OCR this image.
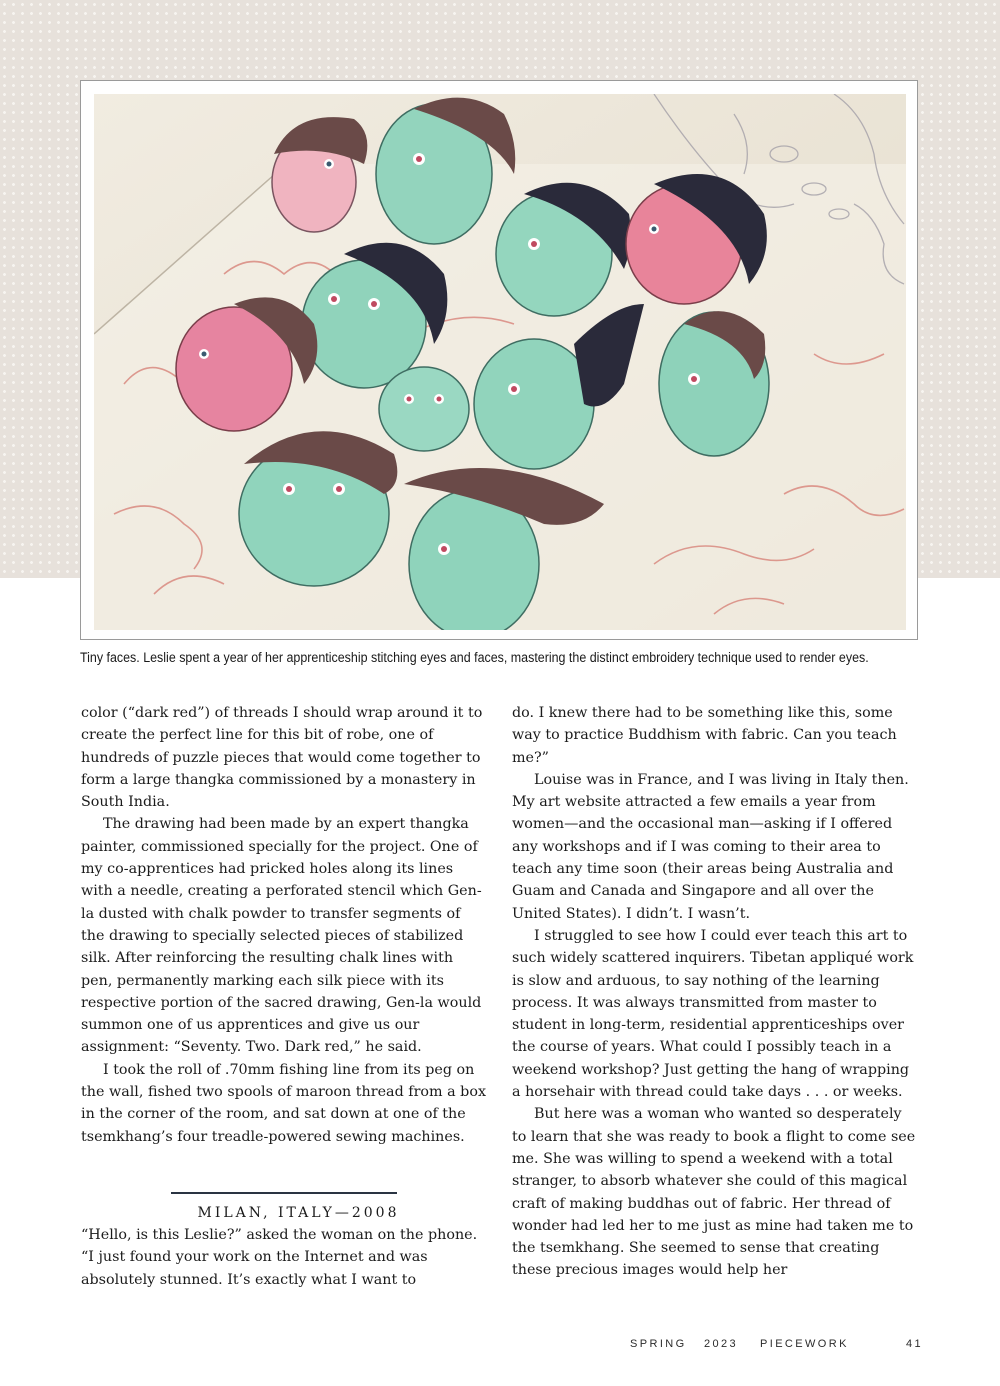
Tiny faces. Leslie spent a year of her apprenticeship stitching eyes and faces, mastering the distinct embroidery technique used to render eyes.

color (“dark red”) of threads I should wrap around it to create the perfect line for this bit of robe, one of hundreds of puzzle pieces that would come together to form a large thangka commissioned by a monastery in South India.

The drawing had been made by an expert thangka painter, commissioned specially for the project. One of my co-apprentices had pricked holes along its lines with a needle, creating a perforated stencil which Gen-la dusted with chalk powder to transfer segments of the drawing to specially selected pieces of stabilized silk. After reinforcing the resulting chalk lines with pen, permanently marking each silk piece with its respective portion of the sacred drawing, Gen-la would summon one of us apprentices and give us our assignment: “Seventy. Two. Dark red,” he said.

I took the roll of .70mm fishing line from its peg on the wall, fished two spools of maroon thread from a box in the corner of the room, and sat down at one of the tsemkhang’s four treadle-powered sewing machines.

MILAN, ITALY—2008

“Hello, is this Leslie?” asked the woman on the phone. “I just found your work on the Internet and was absolutely stunned. It’s exactly what I want to

do. I knew there had to be something like this, some way to practice Buddhism with fabric. Can you teach me?”

Louise was in France, and I was living in Italy then. My art website attracted a few emails a year from women—and the occasional man—asking if I offered any workshops and if I was coming to their area to teach any time soon (their areas being Australia and Guam and Canada and Singapore and all over the United States). I didn’t. I wasn’t.

I struggled to see how I could ever teach this art to such widely scattered inquirers. Tibetan appliqué work is slow and arduous, to say nothing of the learning process. It was always transmitted from master to student in long-term, residential apprenticeships over the course of years. What could I possibly teach in a weekend workshop? Just getting the hang of wrapping a horsehair with thread could take days . . . or weeks.

But here was a woman who wanted so desperately to learn that she was ready to book a flight to come see me. She was willing to spend a weekend with a total stranger, to absorb whatever she could of this magical craft of making buddhas out of fabric. Her thread of wonder had led her to me just as mine had taken me to the tsemkhang. She seemed to sense that creating these precious images would help her

SPRING 2023 PIECEWORK	41
